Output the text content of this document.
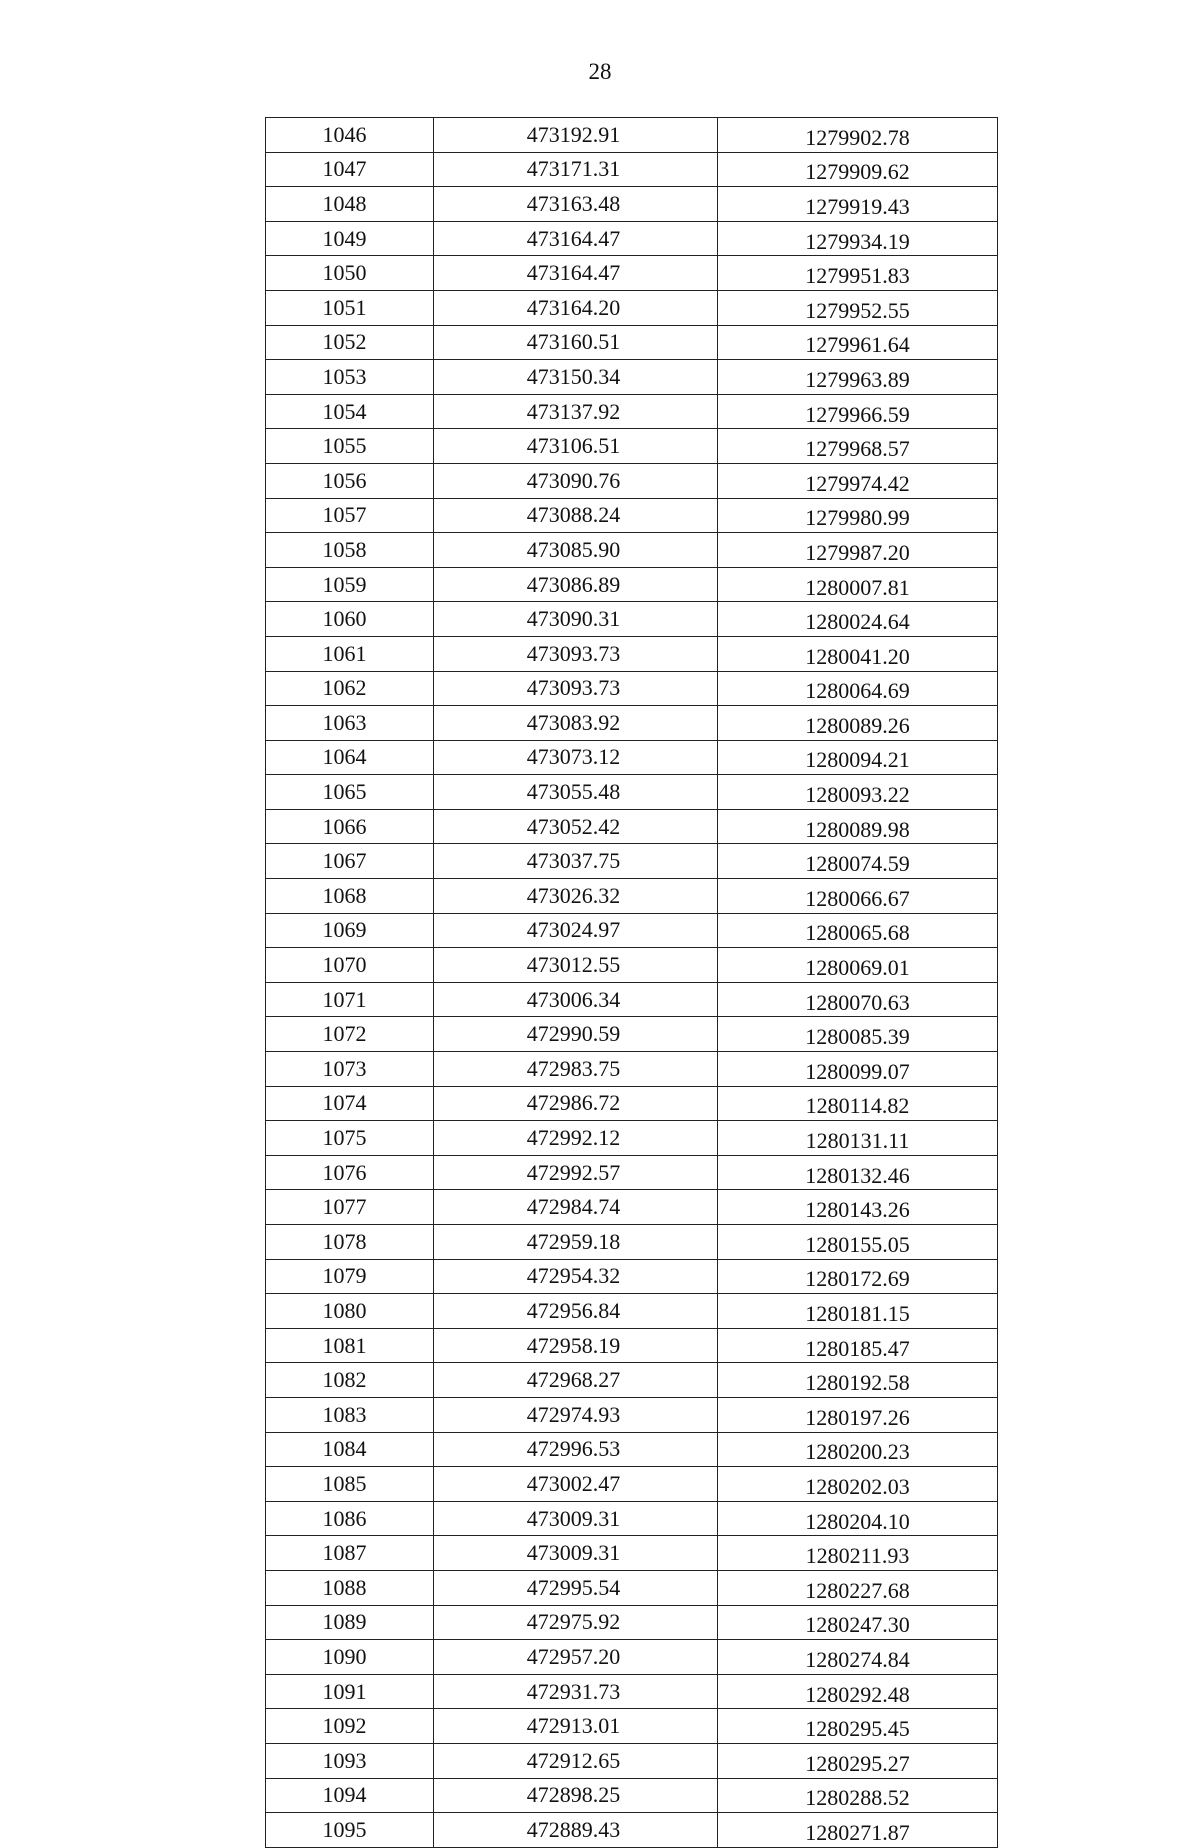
28
1046	473192.91	1279902.78
1047	473171.31	1279909.62
1048	473163.48	1279919.43
1049	473164.47	1279934.19
1050	473164.47	1279951.83
1051	473164.20	1279952.55
1052	473160.51	1279961.64
1053	473150.34	1279963.89
1054	473137.92	1279966.59
1055	473106.51	1279968.57
1056	473090.76	1279974.42
1057	473088.24	1279980.99
1058	473085.90	1279987.20
1059	473086.89	1280007.81
1060	473090.31	1280024.64
1061	473093.73	1280041.20
1062	473093.73	1280064.69
1063	473083.92	1280089.26
1064	473073.12	1280094.21
1065	473055.48	1280093.22
1066	473052.42	1280089.98
1067	473037.75	1280074.59
1068	473026.32	1280066.67
1069	473024.97	1280065.68
1070	473012.55	1280069.01
1071	473006.34	1280070.63
1072	472990.59	1280085.39
1073	472983.75	1280099.07
1074	472986.72	1280114.82
1075	472992.12	1280131.11
1076	472992.57	1280132.46
1077	472984.74	1280143.26
1078	472959.18	1280155.05
1079	472954.32	1280172.69
1080	472956.84	1280181.15
1081	472958.19	1280185.47
1082	472968.27	1280192.58
1083	472974.93	1280197.26
1084	472996.53	1280200.23
1085	473002.47	1280202.03
1086	473009.31	1280204.10
1087	473009.31	1280211.93
1088	472995.54	1280227.68
1089	472975.92	1280247.30
1090	472957.20	1280274.84
1091	472931.73	1280292.48
1092	472913.01	1280295.45
1093	472912.65	1280295.27
1094	472898.25	1280288.52
1095	472889.43	1280271.87
